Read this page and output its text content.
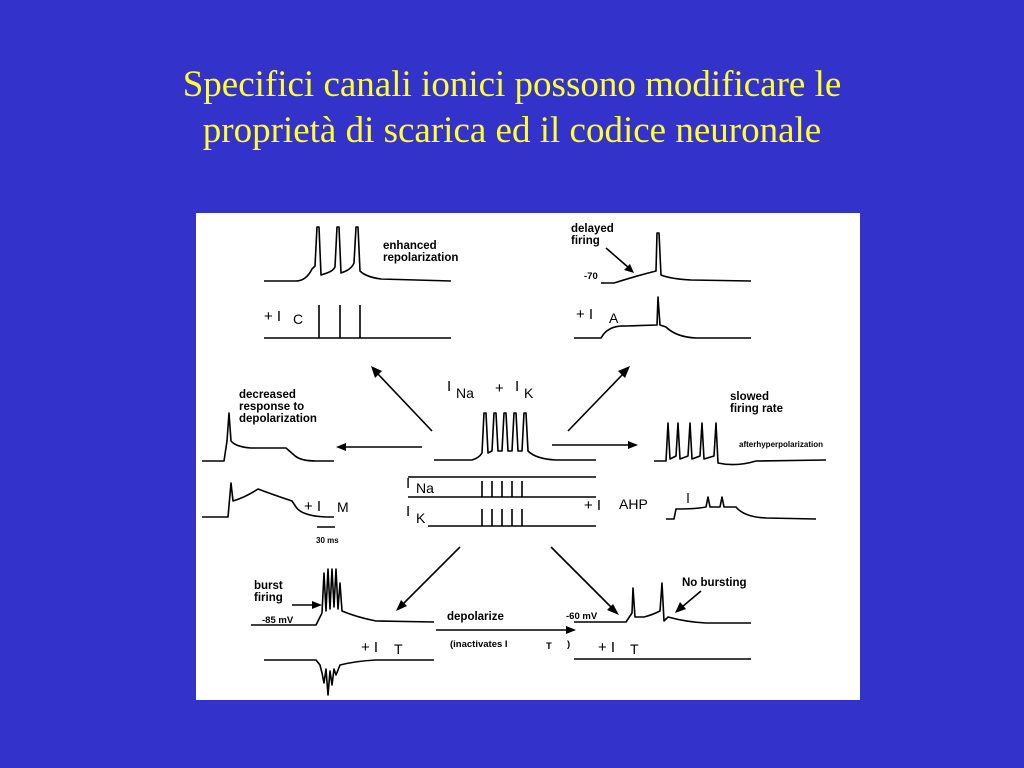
Specifici canali ionici possono modificare le
proprietà di scarica ed il codice neuronale
enhanced
repolarization
+ I C
delayed
firing
-70
+ I A
I Na + I K
I Na
I K
decreased
response to
depolarization
+ I M
30 ms
slowed
firing rate
afterhyperpolarization
+ I AHP
burst
firing
-85 mV
+ I T
depolarize
(inactivates I	T )
No bursting
-60 mV
+ I T
